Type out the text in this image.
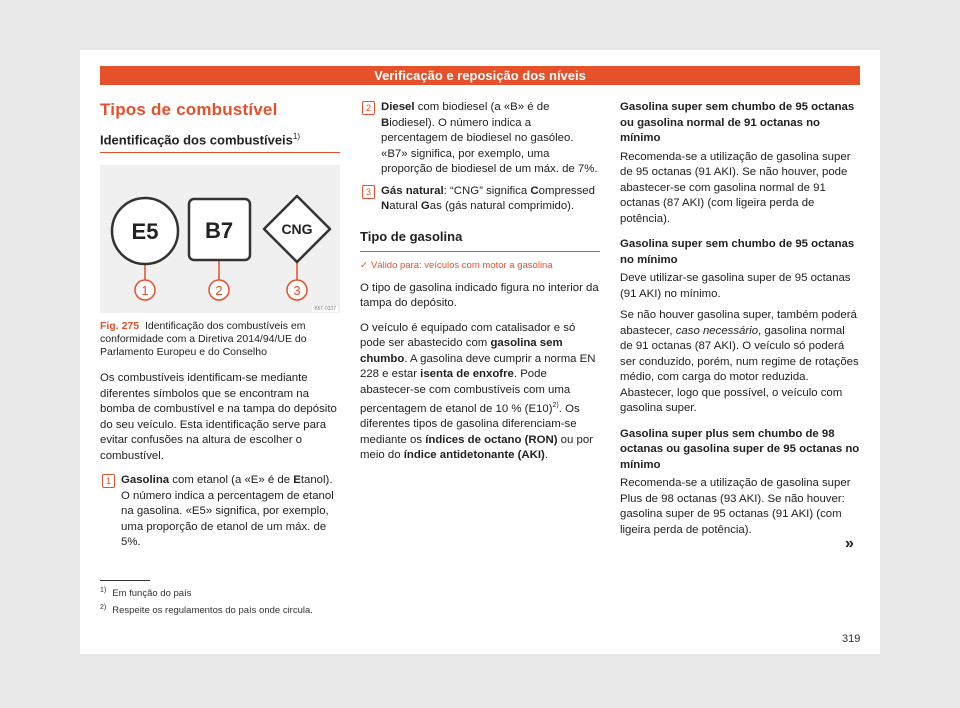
Verificação e reposição dos níveis
Tipos de combustível
Identificação dos combustíveis$^{1)}$
E5 B7	CNG
1	2	3
B5T-0337
Fig. 275 Identificação dos combustíveis em conformidade com a Diretiva 2014/94/UE do Parlamento Europeu e do Conselho

Os combustíveis identificam-se mediante diferentes símbolos que se encontram na bomba de combustível e na tampa do depósito do seu veículo. Esta identificação serve para evitar confusões na altura de escolher o combustível.

1 Gasolina com etanol (a «E» é de Etanol). O número indica a percentagem de etanol na gasolina. «E5» significa, por exemplo, uma proporção de etanol de um máx. de 5%.
2 Diesel com biodiesel (a «B» é de Biodiesel). O número indica a percentagem de biodiesel no gasóleo. «B7» significa, por exemplo, uma proporção de biodiesel de um máx. de 7%.
3 Gás natural: “CNG” significa Compressed Natural Gas (gás natural comprimido).
Tipo de gasolina
✓ Válido para: veículos com motor a gasolina

O tipo de gasolina indicado figura no interior da tampa do depósito.

O veículo é equipado com catalisador e só pode ser abastecido com gasolina sem chumbo. A gasolina deve cumprir a norma EN 228 e estar isenta de enxofre. Pode abastecer-se com combustíveis com uma percentagem de etanol de 10 % $(E10)^{2)}$. Os diferentes tipos de gasolina diferenciam-se mediante os índices de octano (RON) ou por meio do índice antidetonante (AKI).

Gasolina super sem chumbo de 95 octanas ou gasolina normal de 91 octanas no mínimo

Recomenda-se a utilização de gasolina super de 95 octanas (91 AKI). Se não houver, pode abastecer-se com gasolina normal de 91 octanas (87 AKI) (com ligeira perda de potência).

Gasolina super sem chumbo de 95 octanas no mínimo

Deve utilizar-se gasolina super de 95 octanas (91 AKI) no mínimo.

Se não houver gasolina super, também poderá abastecer, caso necessário, gasolina normal de 91 octanas (87 AKI). O veículo só poderá ser conduzido, porém, num regime de rotações médio, com carga do motor reduzida. Abastecer, logo que possível, o veículo com gasolina super.

Gasolina super plus sem chumbo de 98 octanas ou gasolina super de 95 octanas no mínimo

Recomenda-se a utilização de gasolina super Plus de 98 octanas (93 AKI). Se não houver: gasolina super de 95 octanas (91 AKI) (com ligeira perda de potência).

»
$^{1)}$ Em função do país
$^{2)}$ Respeite os regulamentos do país onde circula.
319
